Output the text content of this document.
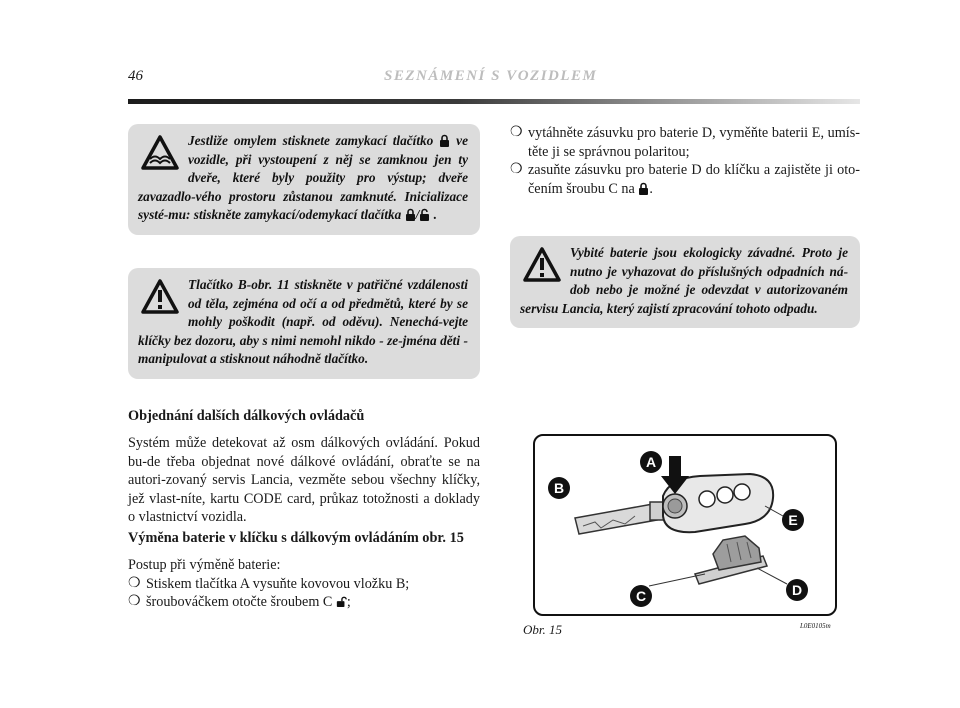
46	SEZNÁMENÍ S VOZIDLEM

Jestliže omylem stisknete zamykací tlačítko  ve vozidle, při vystoupení z něj se zamknou jen ty dveře, které byly použity pro výstup; dveře zavazadlo-vého prostoru zůstanou zamknuté. Inicializace systé-mu: stiskněte zamykací/odemykací tlačítka / .

Tlačítko B-obr. 11 stiskněte v patřičné vzdálenosti od těla, zejména od očí a od předmětů, které by se mohly poškodit (např. od oděvu). Nenechá-vejte klíčky bez dozoru, aby s nimi nemohl nikdo - ze-jména děti - manipulovat a stisknout náhodně tlačítko.

Objednání dalších dálkových ovládačů

Systém může detekovat až osm dálkových ovládání. Pokud bu-de třeba objednat nové dálkové ovládání, obraťte se na autori-zovaný servis Lancia, vezměte sebou všechny klíčky, jež vlast-níte, kartu CODE card, průkaz totožnosti a doklady o vlastnictví vozidla.

Výměna baterie v klíčku s dálkovým ovládáním obr. 15

Postup při výměně baterie:

❍ Stiskem tlačítka A vysuňte kovovou vložku B;
❍ šroubováčkem otočte šroubem C ;
❍ vytáhněte zásuvku pro baterie D, vyměňte baterii E, umís-těte ji se správnou polaritou;
❍ zasuňte zásuvku pro baterie D do klíčku a zajistěte ji oto-čením šroubu C na .

Vybité baterie jsou ekologicky závadné. Proto je nutno je vyhazovat do příslušných odpadních ná-dob nebo je možné je odevzdat v autorizovaném servisu Lancia, který zajistí zpracování tohoto odpadu.

A
B
C	D
E
Obr. 15	L0E0105m
